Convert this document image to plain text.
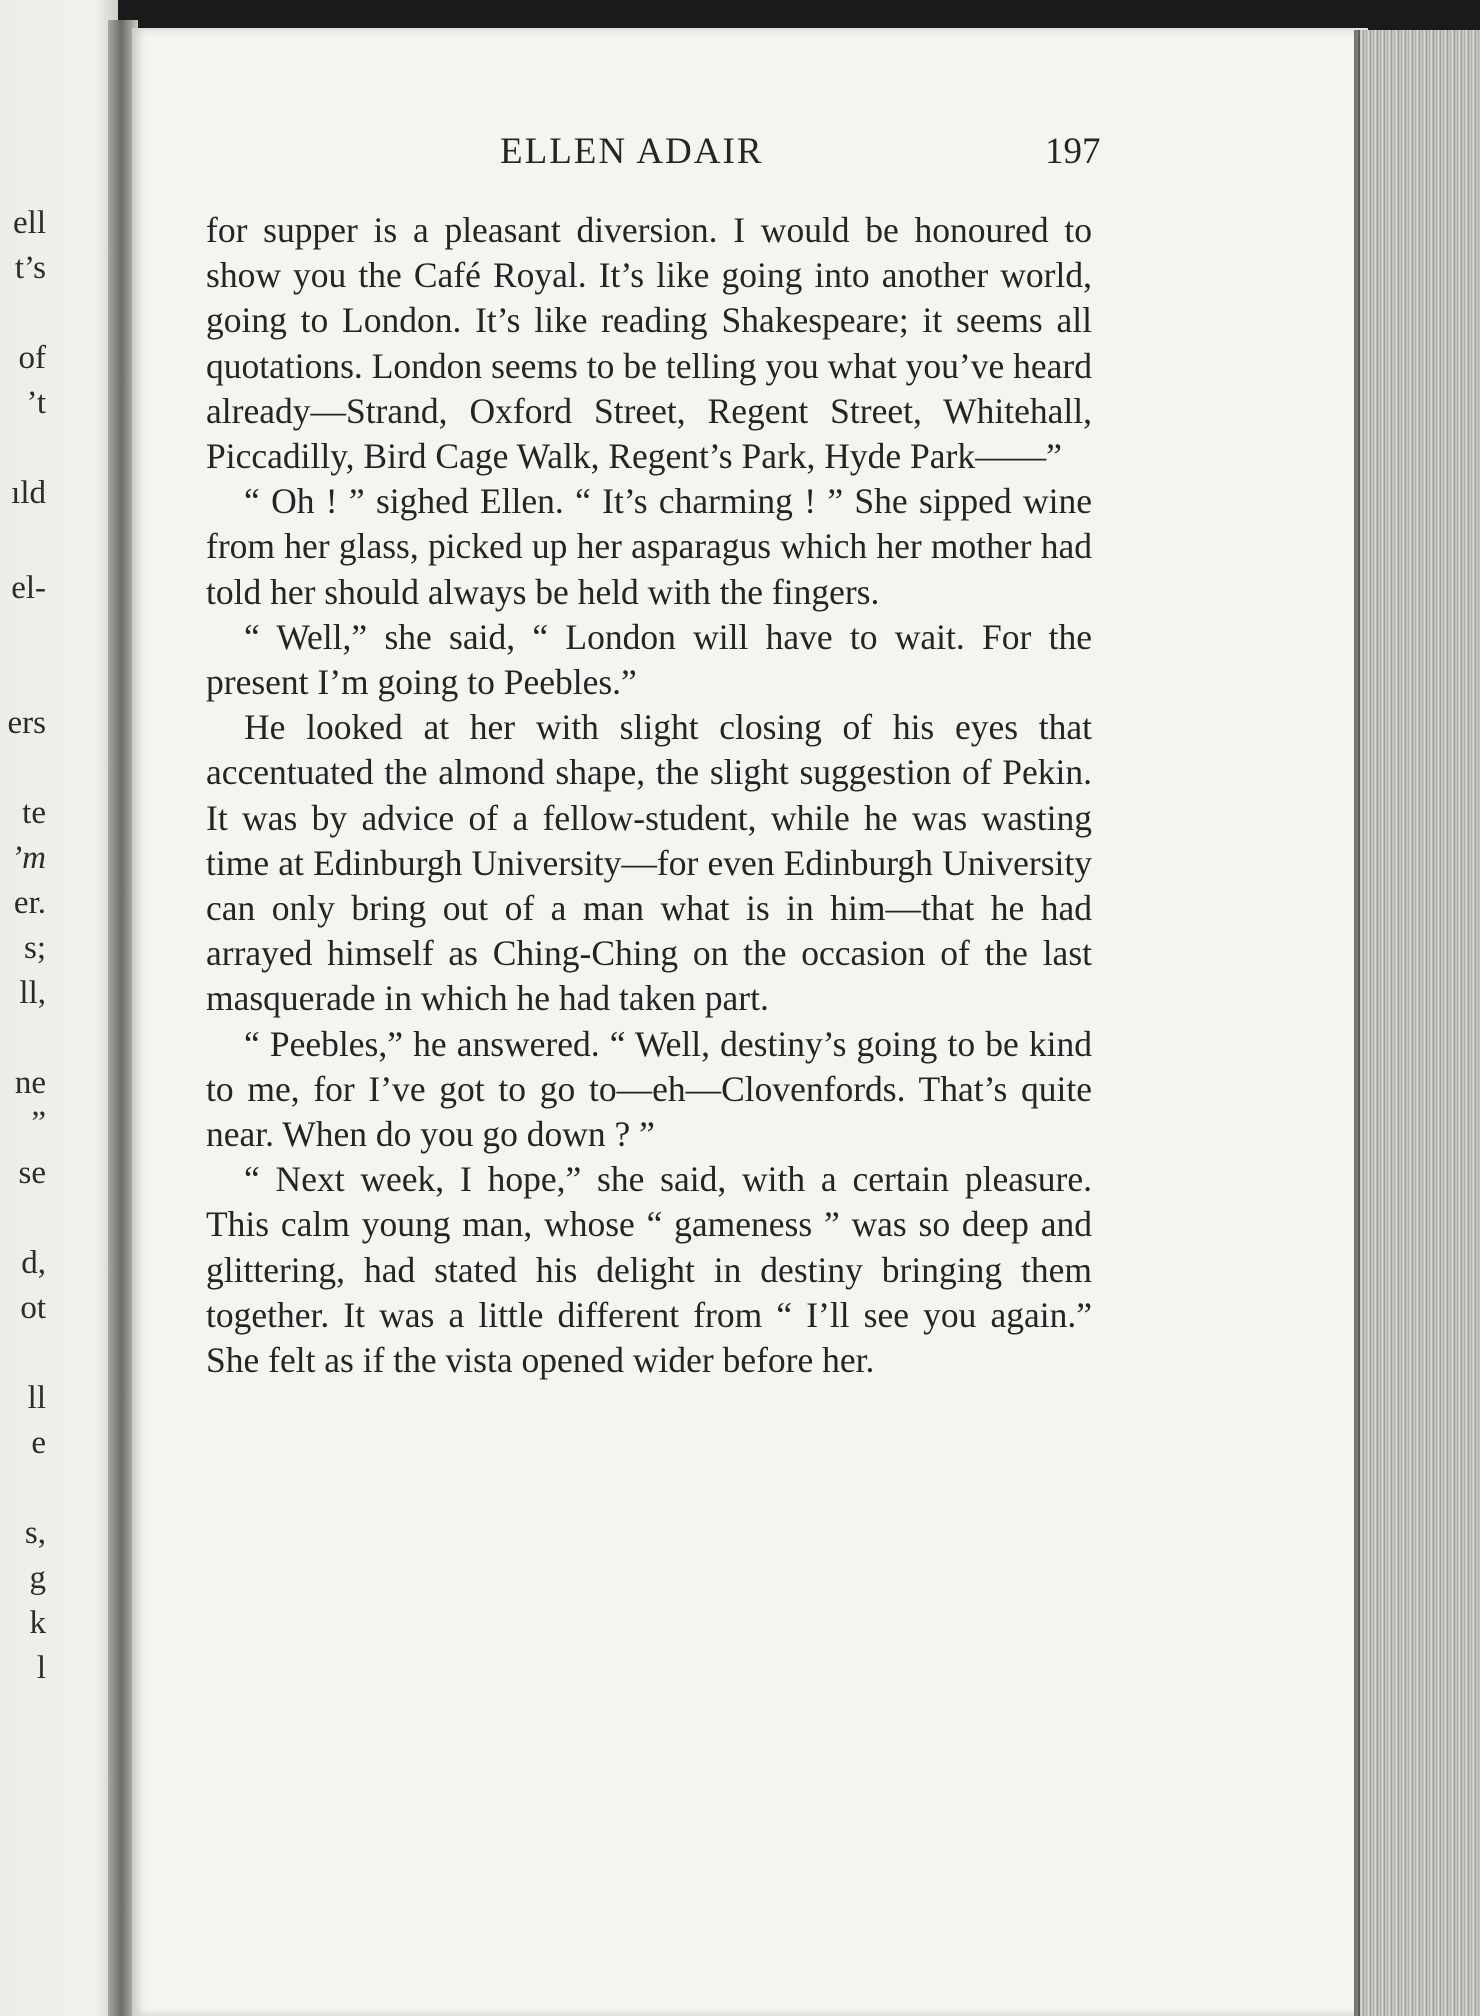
ell
t’s
of
’t
ıld
el-
ers
te
’m
er.
s;
ll,
ne
”
se
d,
ot
ll
e
s,
g
k
l
ELLEN ADAIR	197

for supper is a pleasant diversion. I would be honoured to show you the Café Royal. It’s like going into another world, going to London. It’s like reading Shakespeare; it seems all quotations. London seems to be telling you what you’ve heard already—Strand, Oxford Street, Regent Street, Whitehall, Piccadilly, Bird Cage Walk, Regent’s Park, Hyde Park——”

“ Oh ! ” sighed Ellen. “ It’s charming ! ” She sipped wine from her glass, picked up her asparagus which her mother had told her should always be held with the fingers.

“ Well,” she said, “ London will have to wait. For the present I’m going to Peebles.”

He looked at her with slight closing of his eyes that accentuated the almond shape, the slight suggestion of Pekin. It was by advice of a fellow-student, while he was wasting time at Edinburgh University—for even Edinburgh University can only bring out of a man what is in him—that he had arrayed himself as Ching-Ching on the occasion of the last masquerade in which he had taken part.

“ Peebles,” he answered. “ Well, destiny’s going to be kind to me, for I’ve got to go to—eh—Clovenfords. That’s quite near. When do you go down ? ”

“ Next week, I hope,” she said, with a certain pleasure. This calm young man, whose “ gameness ” was so deep and glittering, had stated his delight in destiny bringing them together. It was a little different from “ I’ll see you again.” She felt as if the vista opened wider before her.
